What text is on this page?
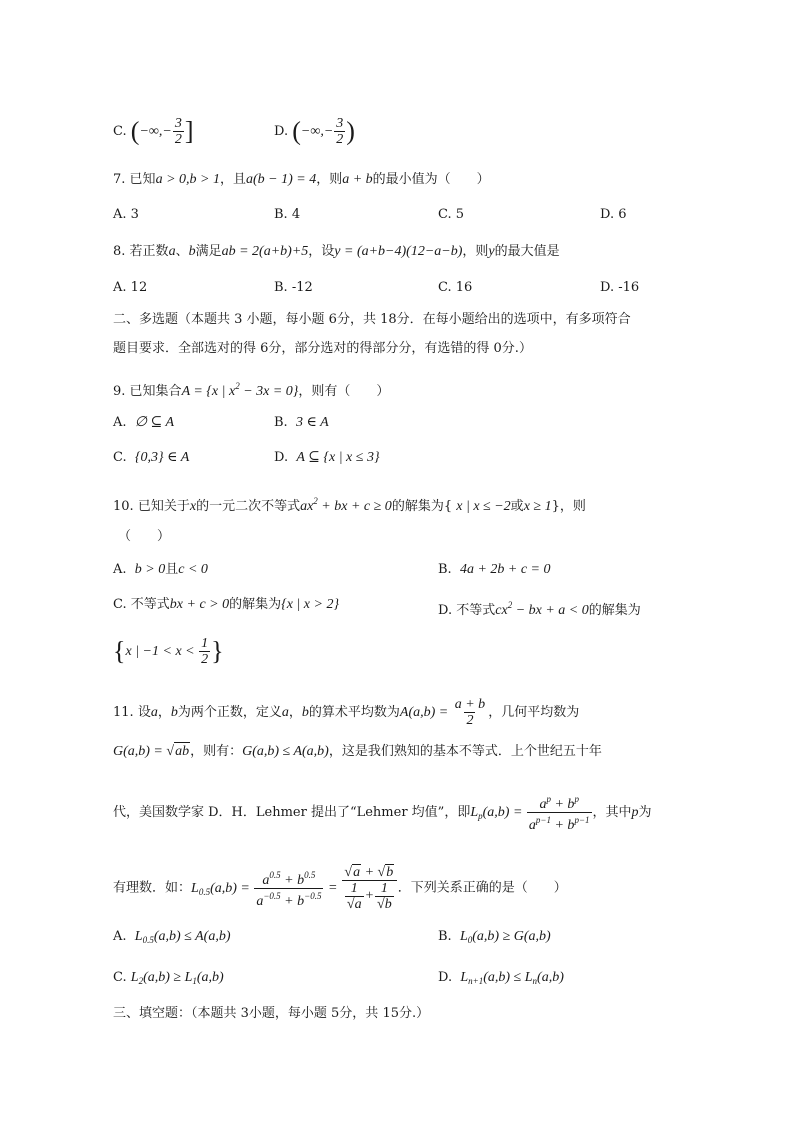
C. (−∞,− $\frac{3}{2}$ ]	D. (−∞,− $\frac{3}{2}$ )
7. 已知a > 0,b > 1，且a(b − 1) = 4，则a + b的最小值为（　　）
A. 3	B. 4	C. 5	D. 6
8. 若正数a、b满足ab = 2(a+b)+5，设y = (a+b−4)(12−a−b)，则y的最大值是
A. 12	B. -12	C. 16	D. -16
二、多选题（本题共 3 小题，每小题 6分，共 18分．在每小题给出的选项中，有多项符合
题目要求．全部选对的得 6分，部分选对的得部分分，有选错的得 0分.）
9. 已知集合A = {x | $x^2 - 3x = 0$}，则有（　　）
A. ∅ ⊆ A	B. 3 ∈ A
C. {0,3} ∈ A	D. A ⊆ {x | x ≤ 3}
10. 已知关于x的一元二次不等式$ax^2$ + bx + c ≥ 0的解集为{ x | x ≤ −2或x ≥ 1}，则
（　　）
A. b > 0且c < 0	B. 4a + 2b + c = 0
C. 不等式bx + c > 0的解集为{x | x > 2}	D. 不等式$cx^2$ − bx + a < 0的解集为
{x | $-1 < x < \frac{1}{2}$ }
11. 设a，b为两个正数，定义a，b的算术平均数为$A(a,b) = \frac{a + b}{2}$ ，几何平均数为
G(a,b) = √ab，则有：G(a,b) ≤ A(a,b)，这是我们熟知的基本不等式．上个世纪五十年
代，美国数学家 D．H．Lehmer 提出了“Lehmer 均值”，即$L_p(a,b) = \frac{a^p + b^p}{a^{p-1} + b^{p-1}}$ ，其中p为
有理数．如：$L_{0.5}(a,b) = \frac{a^{0.5} + b^{0.5}}{a^{-0.5} + b^{-0.5}} = \frac{√a + √b}{\frac{1}{√a} + \frac{1}{√b}}$ ．下列关系正确的是（　　）
A. $L_{0.5}(a,b) \le A(a,b)$	B. $L_0(a,b) \ge G(a,b)$
C. $L_2(a,b) \ge L_1(a,b)$	D. $L_{n+1}(a,b) \le L_n(a,b)$
三、填空题：（本题共 3小题，每小题 5分，共 15分.）
